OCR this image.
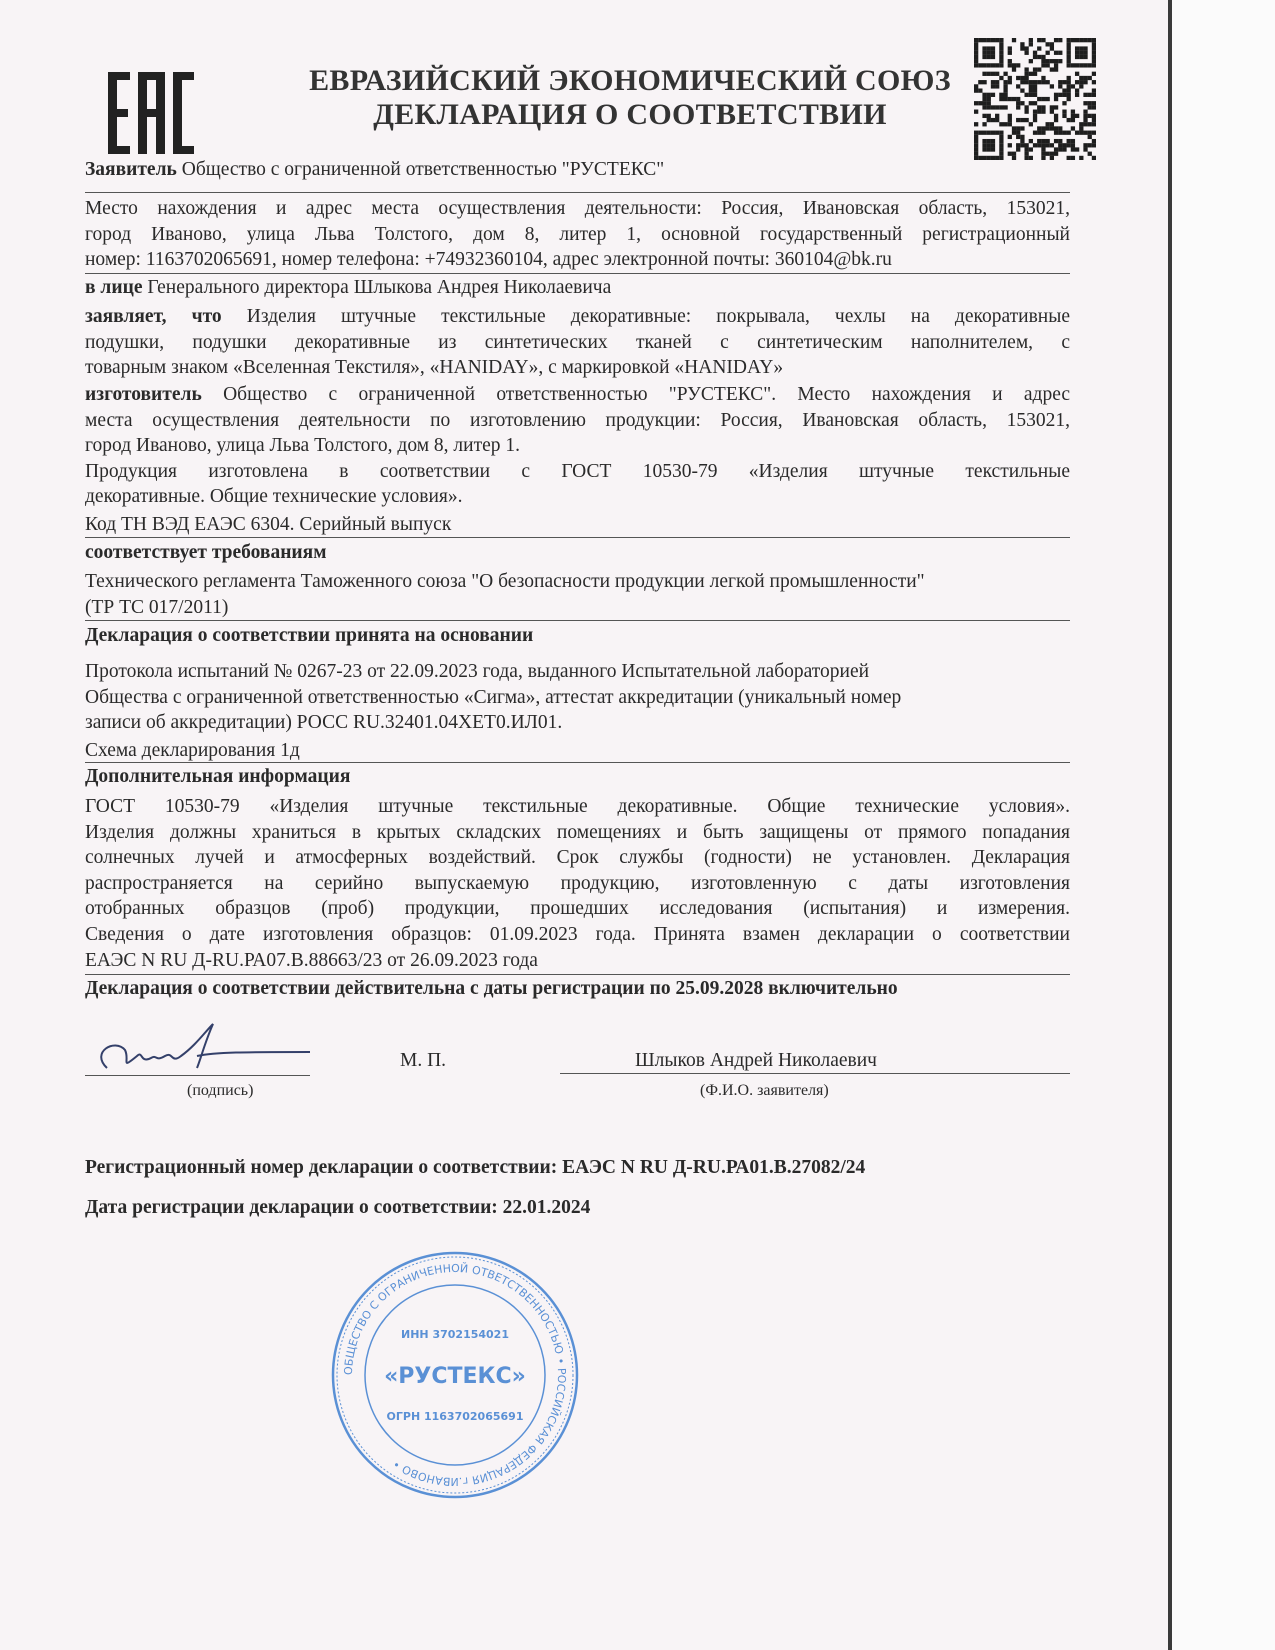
ЕВРАЗИЙСКИЙ ЭКОНОМИЧЕСКИЙ СОЮЗ
ДЕКЛАРАЦИЯ О СООТВЕТСТВИИ
Заявитель Общество с ограниченной ответственностью "РУСТЕКС"
Место нахождения и адрес места осуществления деятельности: Россия, Ивановская область, 153021,
город Иваново, улица Льва Толстого, дом 8, литер 1, основной государственный регистрационный
номер: 1163702065691, номер телефона: +74932360104, адрес электронной почты: 360104@bk.ru
в лице Генерального директора Шлыкова Андрея Николаевича
заявляет, что Изделия штучные текстильные декоративные: покрывала, чехлы на декоративные
подушки, подушки декоративные из синтетических тканей с синтетическим наполнителем, с
товарным знаком «Вселенная Текстиля», «HANIDAY», с маркировкой «HANIDAY»
изготовитель Общество с ограниченной ответственностью "РУСТЕКС". Место нахождения и адрес
места осуществления деятельности по изготовлению продукции: Россия, Ивановская область, 153021,
город Иваново, улица Льва Толстого, дом 8, литер 1.
Продукция изготовлена в соответствии с ГОСТ 10530-79 «Изделия штучные текстильные
декоративные. Общие технические условия».
Код ТН ВЭД ЕАЭС 6304. Серийный выпуск
соответствует требованиям
Технического регламента Таможенного союза "О безопасности продукции легкой промышленности"
(ТР ТС 017/2011)
Декларация о соответствии принята на основании
Протокола испытаний № 0267-23 от 22.09.2023 года, выданного Испытательной лабораторией
Общества с ограниченной ответственностью «Сигма», аттестат аккредитации (уникальный номер
записи об аккредитации) РОСС RU.32401.04ХЕТ0.ИЛ01.
Схема декларирования 1д
Дополнительная информация
ГОСТ 10530-79 «Изделия штучные текстильные декоративные. Общие технические условия».
Изделия должны храниться в крытых складских помещениях и быть защищены от прямого попадания
солнечных лучей и атмосферных воздействий. Срок службы (годности) не установлен. Декларация
распространяется на серийно выпускаемую продукцию, изготовленную с даты изготовления
отобранных образцов (проб) продукции, прошедших исследования (испытания) и измерения.
Сведения о дате изготовления образцов: 01.09.2023 года. Принята взамен декларации о соответствии
ЕАЭС N RU Д-RU.РА07.В.88663/23 от 26.09.2023 года
Декларация о соответствии действительна с даты регистрации по 25.09.2028 включительно
(подпись)
М. П.	Шлыков Андрей Николаевич
(Ф.И.О. заявителя)
Регистрационный номер декларации о соответствии: ЕАЭС N RU Д-RU.РА01.В.27082/24
Дата регистрации декларации о соответствии: 22.01.2024
ОБЩЕСТВО С ОГРАНИЧЕННОЙ ОТВЕТСТВЕННОСТЬЮ • РОССИЙСКАЯ ФЕДЕРАЦИЯ г.ИВАНОВО •
ИНН 3702154021
«РУСТЕКС»
ОГРН 1163702065691
